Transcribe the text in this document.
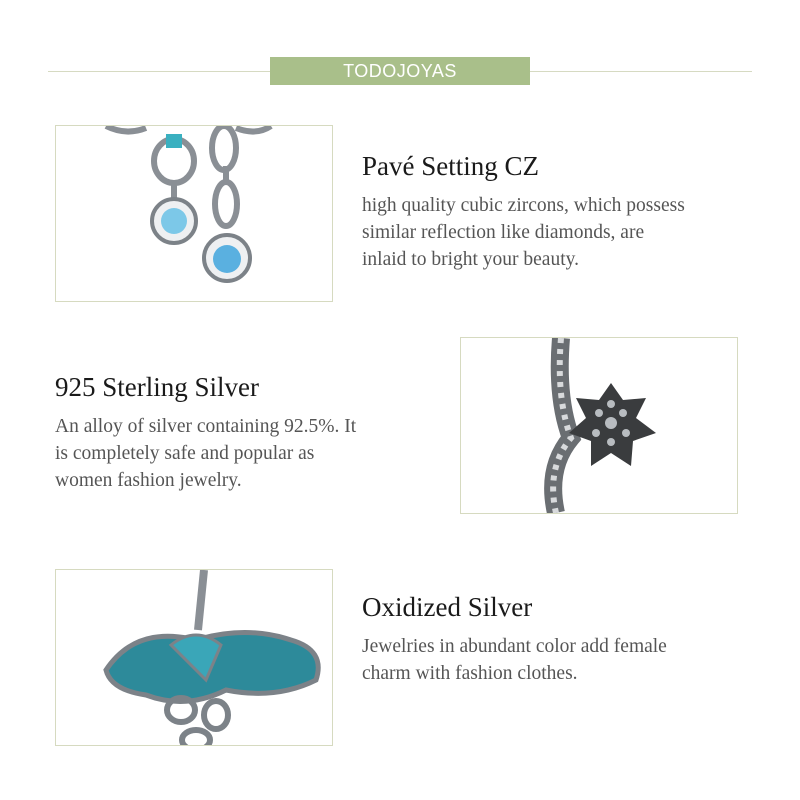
TODOJOYAS
Pavé Setting CZ
high quality cubic zircons, which possess
similar reflection like diamonds, are
inlaid to bright your beauty.
925 Sterling Silver
An alloy of silver containing 92.5%. It
is completely safe and popular as
women fashion jewelry.
Oxidized Silver
Jewelries in abundant color add female
charm with fashion clothes.
